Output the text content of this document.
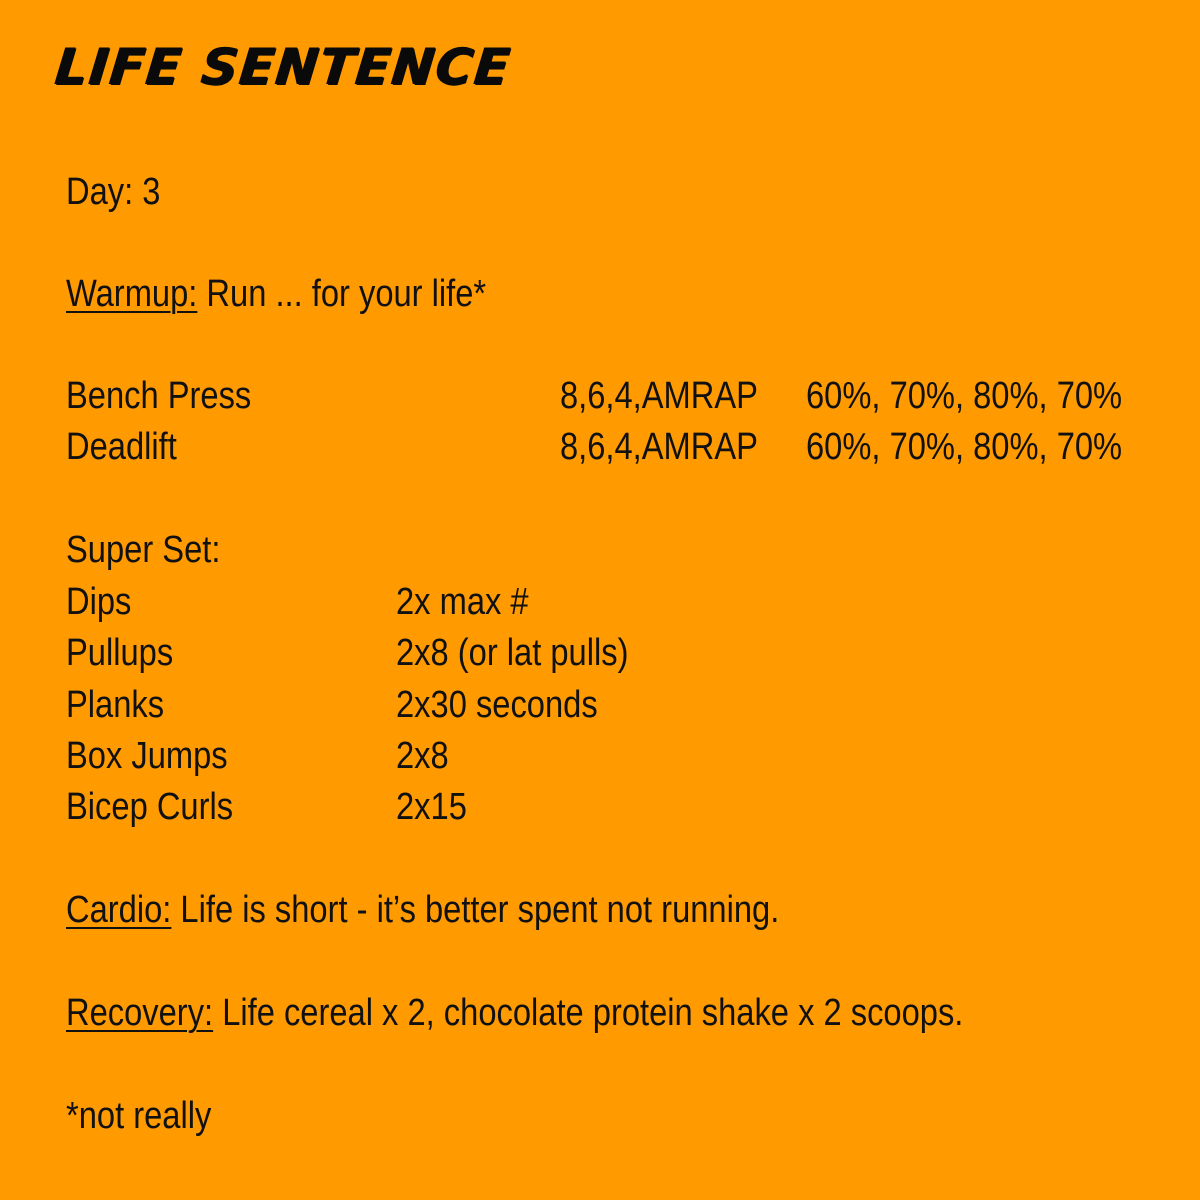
LIFE SENTENCE

Day: 3

Warmup: Run ... for your life*

Bench Press	8,6,4,AMRAP 60%, 70%, 80%, 70%

Deadlift	8,6,4,AMRAP 60%, 70%, 80%, 70%

Super Set:

Dips	2x max #

Pullups	2x8 (or lat pulls)

Planks	2x30 seconds

Box Jumps	2x8

Bicep Curls	2x15

Cardio: Life is short - it’s better spent not running.

Recovery: Life cereal x 2, chocolate protein shake x 2 scoops.

*not really
